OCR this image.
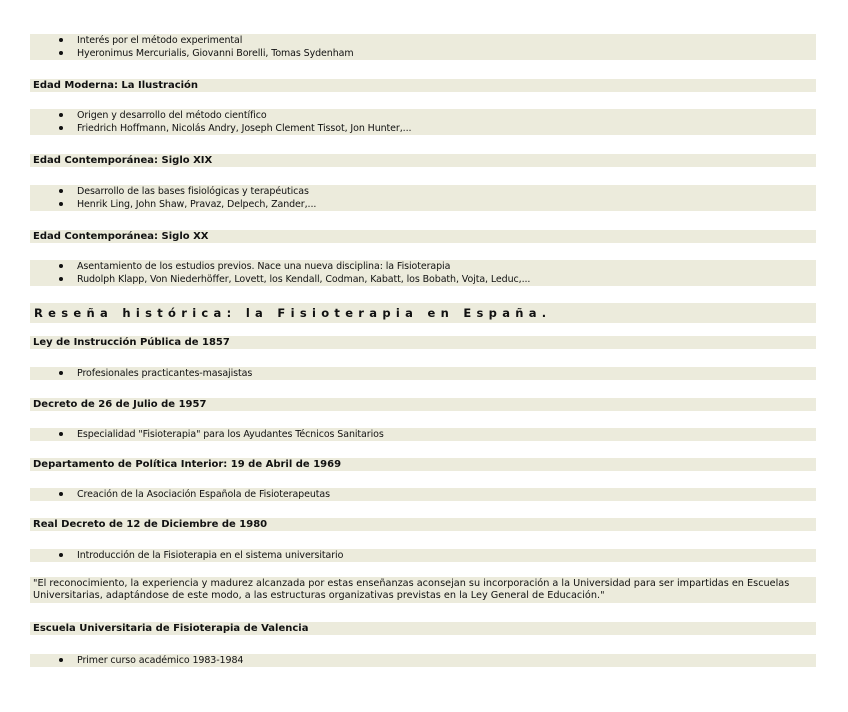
Interés por el método experimental
Hyeronimus Mercurialis, Giovanni Borelli, Tomas Sydenham
Edad Moderna: La Ilustración
Origen y desarrollo del método científico
Friedrich Hoffmann, Nicolás Andry, Joseph Clement Tissot, Jon Hunter,...
Edad Contemporánea: Siglo XIX
Desarrollo de las bases fisiológicas y terapéuticas
Henrik Ling, John Shaw, Pravaz, Delpech, Zander,...
Edad Contemporánea: Siglo XX
Asentamiento de los estudios previos. Nace una nueva disciplina: la Fisioterapia
Rudolph Klapp, Von Niederhöffer, Lovett, los Kendall, Codman, Kabatt, los Bobath, Vojta, Leduc,...
Reseña histórica: la Fisioterapia en España.
Ley de Instrucción Pública de 1857
Profesionales practicantes-masajistas
Decreto de 26 de Julio de 1957
Especialidad "Fisioterapia" para los Ayudantes Técnicos Sanitarios
Departamento de Política Interior: 19 de Abril de 1969
Creación de la Asociación Española de Fisioterapeutas
Real Decreto de 12 de Diciembre de 1980
Introducción de la Fisioterapia en el sistema universitario
"El reconocimiento, la experiencia y madurez alcanzada por estas enseñanzas aconsejan su incorporación a la Universidad para ser impartidas en Escuelas Universitarias, adaptándose de este modo, a las estructuras organizativas previstas en la Ley General de Educación."
Escuela Universitaria de Fisioterapia de Valencia
Primer curso académico 1983-1984
